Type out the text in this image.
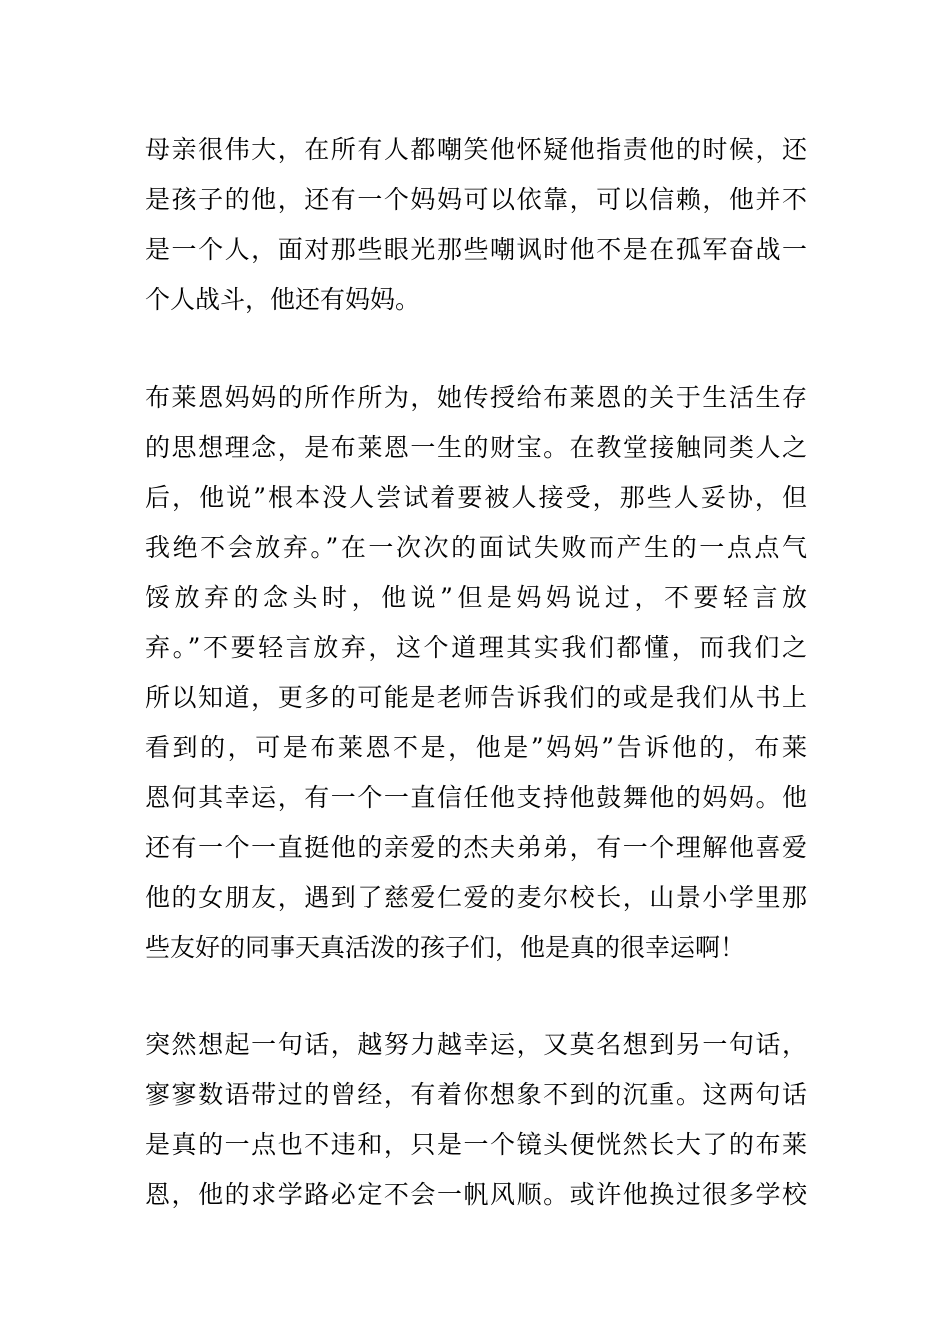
母亲很伟大，在所有人都嘲笑他怀疑他指责他的时候，还
是孩子的他，还有一个妈妈可以依靠，可以信赖，他并不
是一个人，面对那些眼光那些嘲讽时他不是在孤军奋战一
个人战斗，他还有妈妈。
布莱恩妈妈的所作所为，她传授给布莱恩的关于生活生存
的思想理念，是布莱恩一生的财宝。在教堂接触同类人之
后，他说”根本没人尝试着要被人接受，那些人妥协，但
我绝不会放弃。”在一次次的面试失败而产生的一点点气
馁放弃的念头时，他说”但是妈妈说过，不要轻言放
弃。”不要轻言放弃，这个道理其实我们都懂，而我们之
所以知道，更多的可能是老师告诉我们的或是我们从书上
看到的，可是布莱恩不是，他是”妈妈”告诉他的，布莱
恩何其幸运，有一个一直信任他支持他鼓舞他的妈妈。他
还有一个一直挺他的亲爱的杰夫弟弟，有一个理解他喜爱
他的女朋友，遇到了慈爱仁爱的麦尔校长，山景小学里那
些友好的同事天真活泼的孩子们，他是真的很幸运啊！
突然想起一句话，越努力越幸运，又莫名想到另一句话，
寥寥数语带过的曾经，有着你想象不到的沉重。这两句话
是真的一点也不违和，只是一个镜头便恍然长大了的布莱
恩，他的求学路必定不会一帆风顺。或许他换过很多学校
